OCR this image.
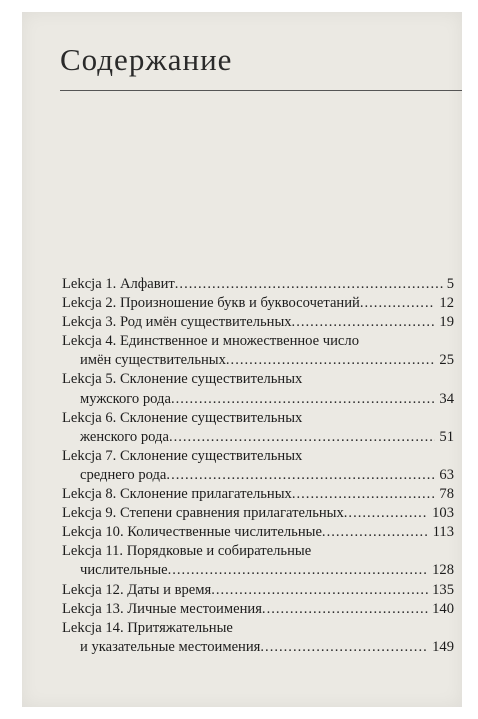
Содержание
Lekcja 1. Алфавит .....	5
Lekcja 2. Произношение букв и буквосочетаний .....	12
Lekcja 3. Род имён существительных .....	19
Lekcja 4. Единственное и множественное число
имён существительных .....	25
Lekcja 5. Склонение существительных
мужского рода .....	34
Lekcja 6. Склонение существительных
женского рода .....	51
Lekcja 7. Склонение существительных
среднего рода .....	63
Lekcja 8. Склонение прилагательных .....	78
Lekcja 9. Степени сравнения прилагательных .....	103
Lekcja 10. Количественные числительные .....	113
Lekcja 11. Порядковые и собирательные
числительные .....	128
Lekcja 12. Даты и время .....	135
Lekcja 13. Личные местоимения .....	140
Lekcja 14. Притяжательные
и указательные местоимения .....	149
